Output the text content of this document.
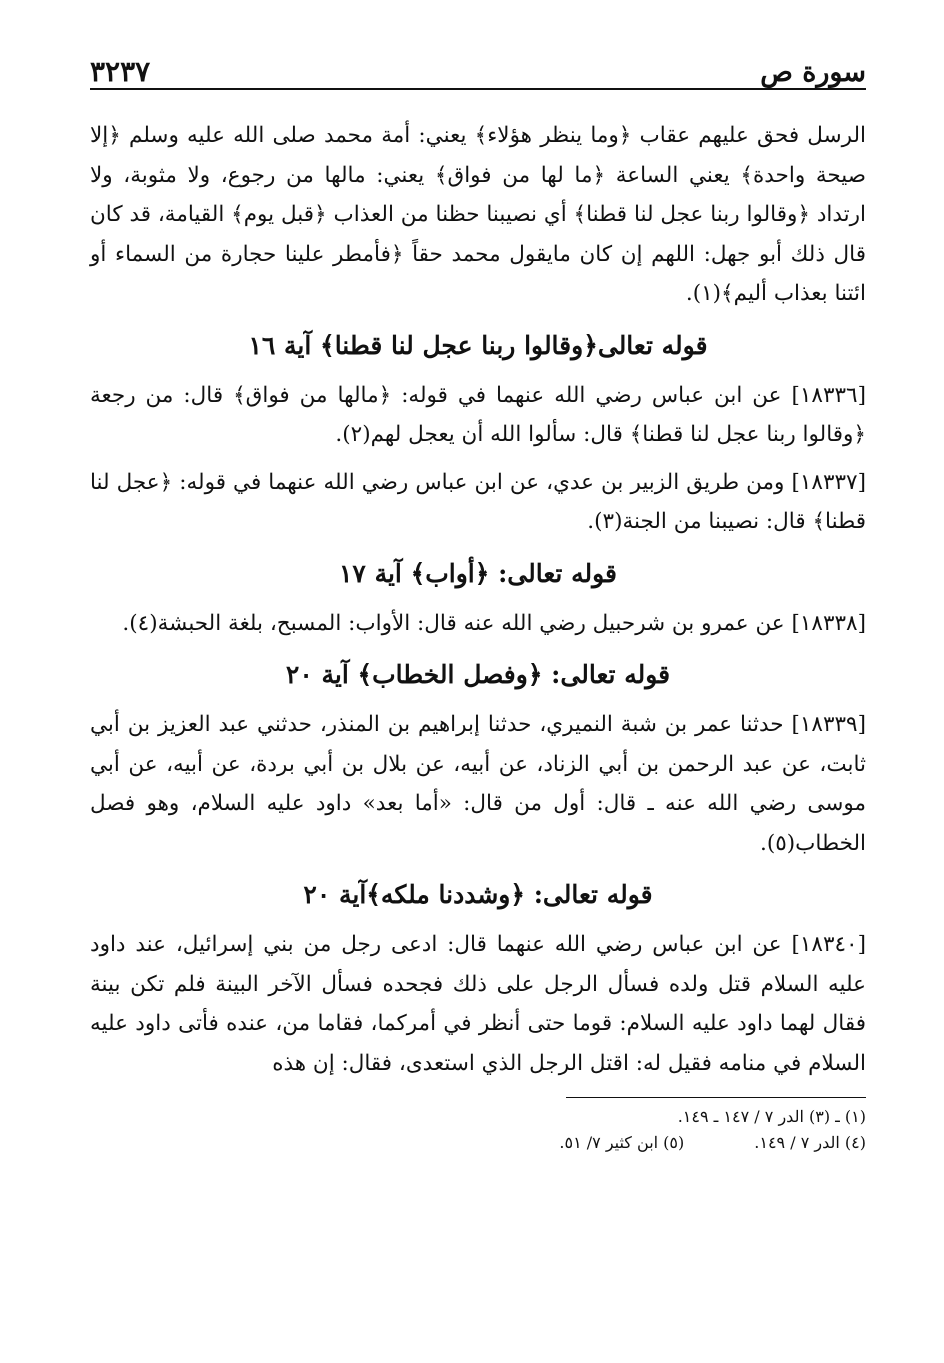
سورة ص
٣٢٣٧

الرسل فحق عليهم عقاب ﴿وما ينظر هؤلاء﴾ يعني: أمة محمد صلى الله عليه وسلم ﴿إلا صيحة واحدة﴾ يعني الساعة ﴿ما لها من فواق﴾ يعني: مالها من رجوع، ولا مثوبة، ولا ارتداد ﴿وقالوا ربنا عجل لنا قطنا﴾ أي نصيبنا حظنا من العذاب ﴿قبل يوم﴾ القيامة، قد كان قال ذلك أبو جهل: اللهم إن كان مايقول محمد حقاً ﴿فأمطر علينا حجارة من السماء أو ائتنا بعذاب أليم﴾(١).

قوله تعالى﴿وقالوا ربنا عجل لنا قطنا﴾ آية ١٦

[١٨٣٣٦] عن ابن عباس رضي الله عنهما في قوله: ﴿مالها من فواق﴾ قال: من رجعة ﴿وقالوا ربنا عجل لنا قطنا﴾ قال: سألوا الله أن يعجل لهم(٢).

[١٨٣٣٧] ومن طريق الزبير بن عدي، عن ابن عباس رضي الله عنهما في قوله: ﴿عجل لنا قطنا﴾ قال: نصيبنا من الجنة(٣).

قوله تعالى: ﴿أواب﴾ آية ١٧

[١٨٣٣٨] عن عمرو بن شرحبيل رضي الله عنه قال: الأواب: المسبح، بلغة الحبشة(٤).

قوله تعالى: ﴿وفصل الخطاب﴾ آية ٢٠

[١٨٣٣٩] حدثنا عمر بن شبة النميري، حدثنا إبراهيم بن المنذر، حدثني عبد العزيز بن أبي ثابت، عن عبد الرحمن بن أبي الزناد، عن أبيه، عن بلال بن أبي بردة، عن أبيه، عن أبي موسى رضي الله عنه ـ قال: أول من قال: «أما بعد» داود عليه السلام، وهو فصل الخطاب(٥).

قوله تعالى: ﴿وشددنا ملكه﴾آية ٢٠

[١٨٣٤٠] عن ابن عباس رضي الله عنهما قال: ادعى رجل من بني إسرائيل، عند داود عليه السلام قتل ولده فسأل الرجل على ذلك فجحده فسأل الآخر البينة فلم تكن بينة فقال لهما داود عليه السلام: قوما حتى أنظر في أمركما، فقاما من، عنده فأتى داود عليه السلام في منامه فقيل له: اقتل الرجل الذي استعدى، فقال: إن هذه

(١) ـ (٣) الدر ٧ / ١٤٧ ـ ١٤٩.
(٤) الدر ٧ / ١٤٩.
(٥) ابن كثير ٧/ ٥١.
